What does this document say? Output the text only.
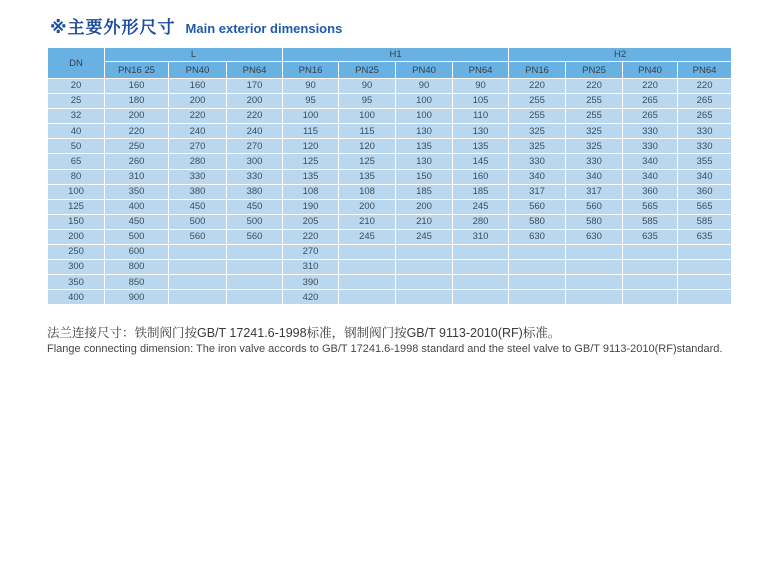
※主要外形尺寸 Main exterior dimensions
DN	L			H1				H2			
	PN16 25	PN40	PN64	PN16	PN25	PN40	PN64	PN16	PN25	PN40	PN64
20	160	160	170	90	90	90	90	220	220	220	220
25	180	200	200	95	95	100	105	255	255	265	265
32	200	220	220	100	100	100	110	255	255	265	265
40	220	240	240	115	115	130	130	325	325	330	330
50	250	270	270	120	120	135	135	325	325	330	330
65	260	280	300	125	125	130	145	330	330	340	355
80	310	330	330	135	135	150	160	340	340	340	340
100	350	380	380	108	108	185	185	317	317	360	360
125	400	450	450	190	200	200	245	560	560	565	565
150	450	500	500	205	210	210	280	580	580	585	585
200	500	560	560	220	245	245	310	630	630	635	635
250	600			270							
300	800			310							
350	850			390							
400	900			420							
法兰连接尺寸：铁制阀门按GB/T 17241.6-1998标准，钢制阀门按GB/T 9113-2010(RF)标准。
Flange connecting dimension: The iron valve accords to GB/T 17241.6-1998 standard and the steel valve to GB/T 9113-2010(RF)standard.
